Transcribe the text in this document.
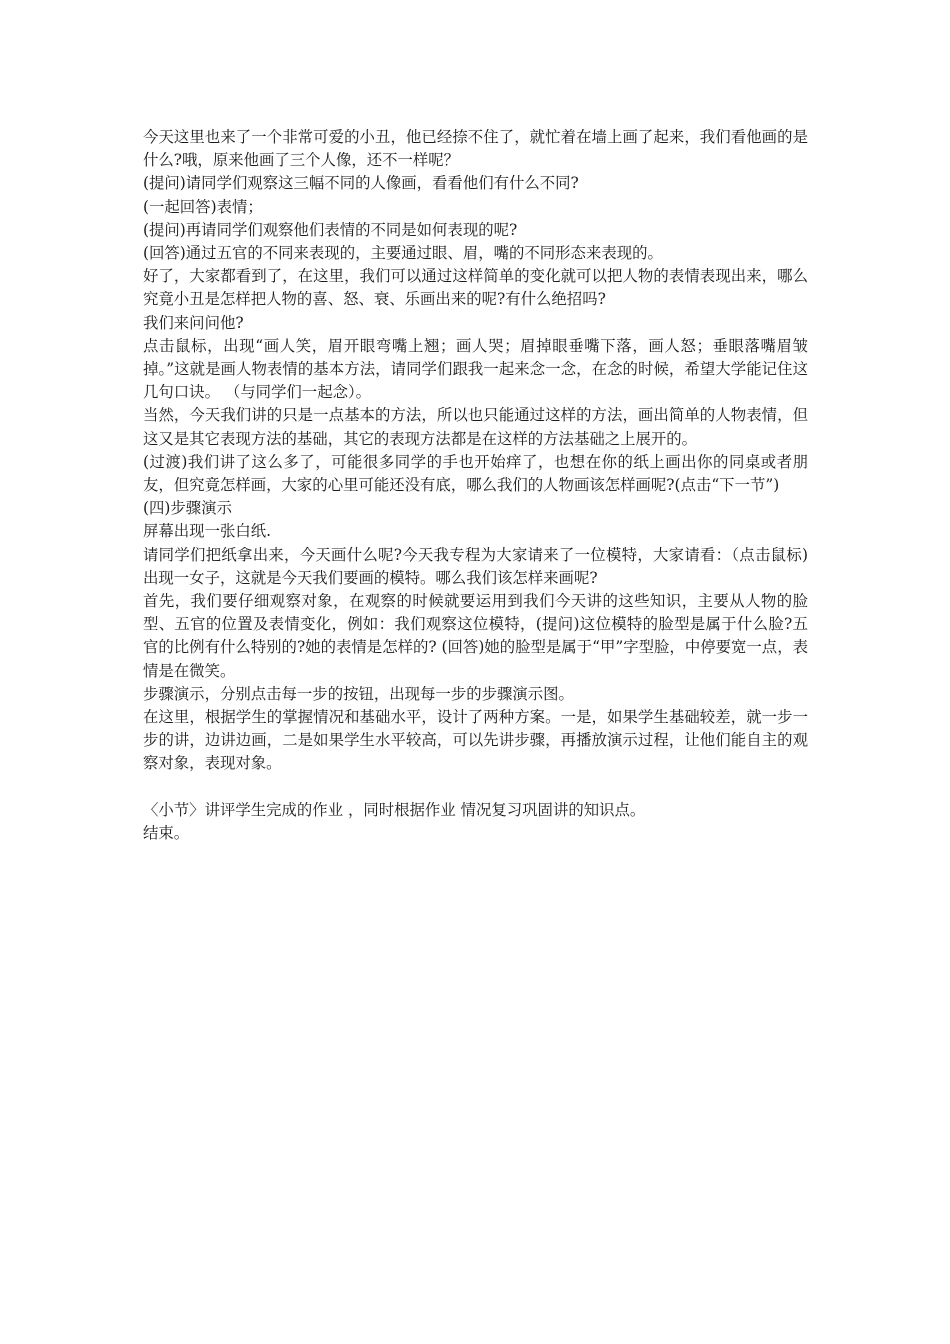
今天这里也来了一个非常可爱的小丑，他已经捺不住了，就忙着在墙上画了起来，我们看他画的是什么?哦，原来他画了三个人像，还不一样呢？

(提问)请同学们观察这三幅不同的人像画，看看他们有什么不同?

(一起回答)表情；

(提问)再请同学们观察他们表情的不同是如何表现的呢?

(回答)通过五官的不同来表现的，主要通过眼、眉，嘴的不同形态来表现的。

好了，大家都看到了，在这里，我们可以通过这样简单的变化就可以把人物的表情表现出来，哪么究竟小丑是怎样把人物的喜、怒、衰、乐画出来的呢?有什么绝招吗?

我们来问问他?

点击鼠标，出现“画人笑，眉开眼弯嘴上翘；画人哭；眉掉眼垂嘴下落，画人怒；垂眼落嘴眉皱掉。”这就是画人物表情的基本方法，请同学们跟我一起来念一念，在念的时候，希望大学能记住这几句口诀。 （与同学们一起念）。

当然，今天我们讲的只是一点基本的方法，所以也只能通过这样的方法，画出简单的人物表情，但这又是其它表现方法的基础，其它的表现方法都是在这样的方法基础之上展开的。

(过渡)我们讲了这么多了，可能很多同学的手也开始痒了，也想在你的纸上画出你的同桌或者朋友，但究竟怎样画，大家的心里可能还没有底，哪么我们的人物画该怎样画呢?(点击“下一节”)

(四)步骤演示

屏幕出现一张白纸.

请同学们把纸拿出来，今天画什么呢?今天我专程为大家请来了一位模特，大家请看：（点击鼠标)出现一女子，这就是今天我们要画的模特。哪么我们该怎样来画呢?

首先，我们要仔细观察对象，在观察的时候就要运用到我们今天讲的这些知识，主要从人物的脸型、五官的位置及表情变化，例如：我们观察这位模特，(提问)这位模特的脸型是属于什么脸?五官的比例有什么特别的?她的表情是怎样的? (回答)她的脸型是属于“甲”字型脸，中停要宽一点，表情是在微笑。

步骤演示，分别点击每一步的按钮，出现每一步的步骤演示图。

在这里，根据学生的掌握情况和基础水平，设计了两种方案。一是，如果学生基础较差，就一步一步的讲，边讲边画，二是如果学生水平较高，可以先讲步骤，再播放演示过程，让他们能自主的观察对象，表现对象。

〈小节〉讲评学生完成的作业 ，同时根据作业 情况复习巩固讲的知识点。

结束。
